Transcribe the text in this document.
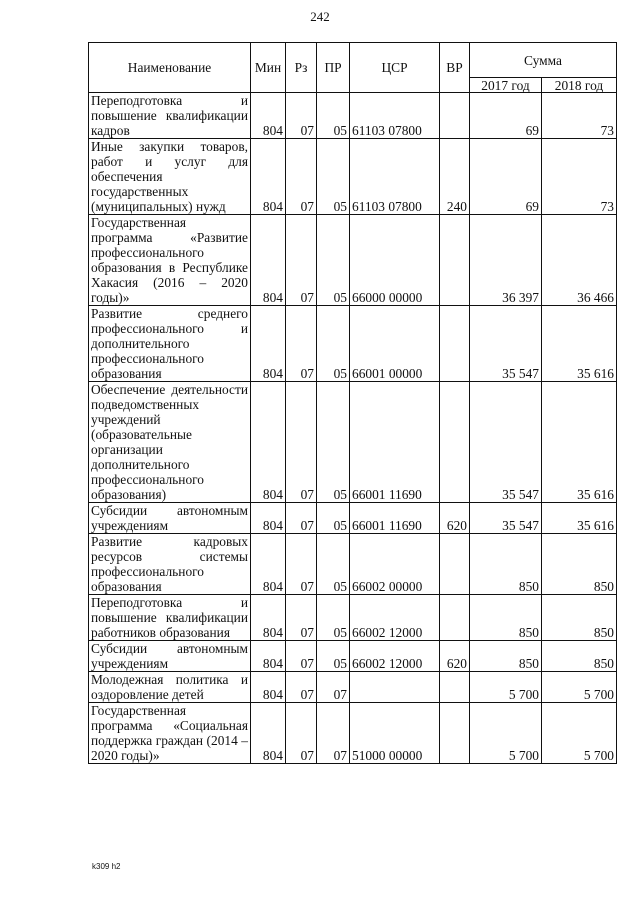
242
Наименование	Мин	Рз	ПР	ЦСР	ВР	Сумма	
						2017 год	2018 год
Переподготовка и повышение квалификации кадров	804	07	05	61103 07800		69	73
Иные закупки товаров, работ и услуг для обеспечения государственных (муниципальных) нужд	804	07	05	61103 07800	240	69	73
Государственная программа «Развитие профессионального образования в Республике Хакасия (2016 – 2020 годы)»	804	07	05	66000 00000		36 397	36 466
Развитие среднего профессионального и дополнительного профессионального образования	804	07	05	66001 00000		35 547	35 616
Обеспечение деятельности подведомственных учреждений (образовательные организации дополнительного профессионального образования)	804	07	05	66001 11690		35 547	35 616
Субсидии автономным учреждениям	804	07	05	66001 11690	620	35 547	35 616
Развитие кадровых ресурсов системы профессионального образования	804	07	05	66002 00000		850	850
Переподготовка и повышение квалификации работников образования	804	07	05	66002 12000		850	850
Субсидии автономным учреждениям	804	07	05	66002 12000	620	850	850
Молодежная политика и оздоровление детей	804	07	07			5 700	5 700
Государственная программа «Социальная поддержка граждан (2014 – 2020 годы)»	804	07	07	51000 00000		5 700	5 700
k309 h2
